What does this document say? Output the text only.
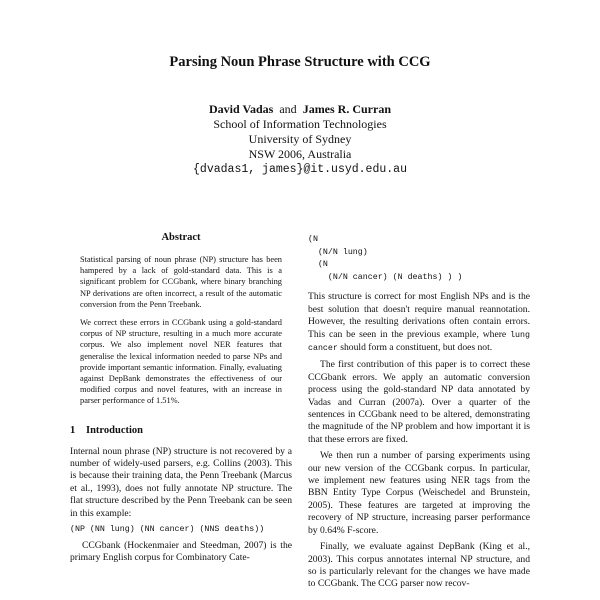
Parsing Noun Phrase Structure with CCG
David Vadas and James R. Curran
School of Information Technologies
University of Sydney
NSW 2006, Australia
{dvadas1, james}@it.usyd.edu.au
Abstract

Statistical parsing of noun phrase (NP) structure has been hampered by a lack of gold-standard data. This is a significant problem for CCGbank, where binary branching NP derivations are often incorrect, a result of the automatic conversion from the Penn Treebank.

We correct these errors in CCGbank using a gold-standard corpus of NP structure, resulting in a much more accurate corpus. We also implement novel NER features that generalise the lexical information needed to parse NPs and provide important semantic information. Finally, evaluating against DepBank demonstrates the effectiveness of our modified corpus and novel features, with an increase in parser performance of 1.51%.

1 Introduction

Internal noun phrase (NP) structure is not recovered by a number of widely-used parsers, e.g. Collins (2003). This is because their training data, the Penn Treebank (Marcus et al., 1993), does not fully annotate NP structure. The flat structure described by the Penn Treebank can be seen in this example:

(NP (NN lung) (NN cancer) (NNS deaths))

CCGbank (Hockenmaier and Steedman, 2007) is the primary English corpus for Combinatory Cate-

(N
(N/N lung)
(N
(N/N cancer) (N deaths) ) )

This structure is correct for most English NPs and is the best solution that doesn't require manual reannotation. However, the resulting derivations often contain errors. This can be seen in the previous example, where lung cancer should form a constituent, but does not.

The first contribution of this paper is to correct these CCGbank errors. We apply an automatic conversion process using the gold-standard NP data annotated by Vadas and Curran (2007a). Over a quarter of the sentences in CCGbank need to be altered, demonstrating the magnitude of the NP problem and how important it is that these errors are fixed.

We then run a number of parsing experiments using our new version of the CCGbank corpus. In particular, we implement new features using NER tags from the BBN Entity Type Corpus (Weischedel and Brunstein, 2005). These features are targeted at improving the recovery of NP structure, increasing parser performance by 0.64% F-score.

Finally, we evaluate against DepBank (King et al., 2003). This corpus annotates internal NP structure, and so is particularly relevant for the changes we have made to CCGbank. The CCG parser now recov-
